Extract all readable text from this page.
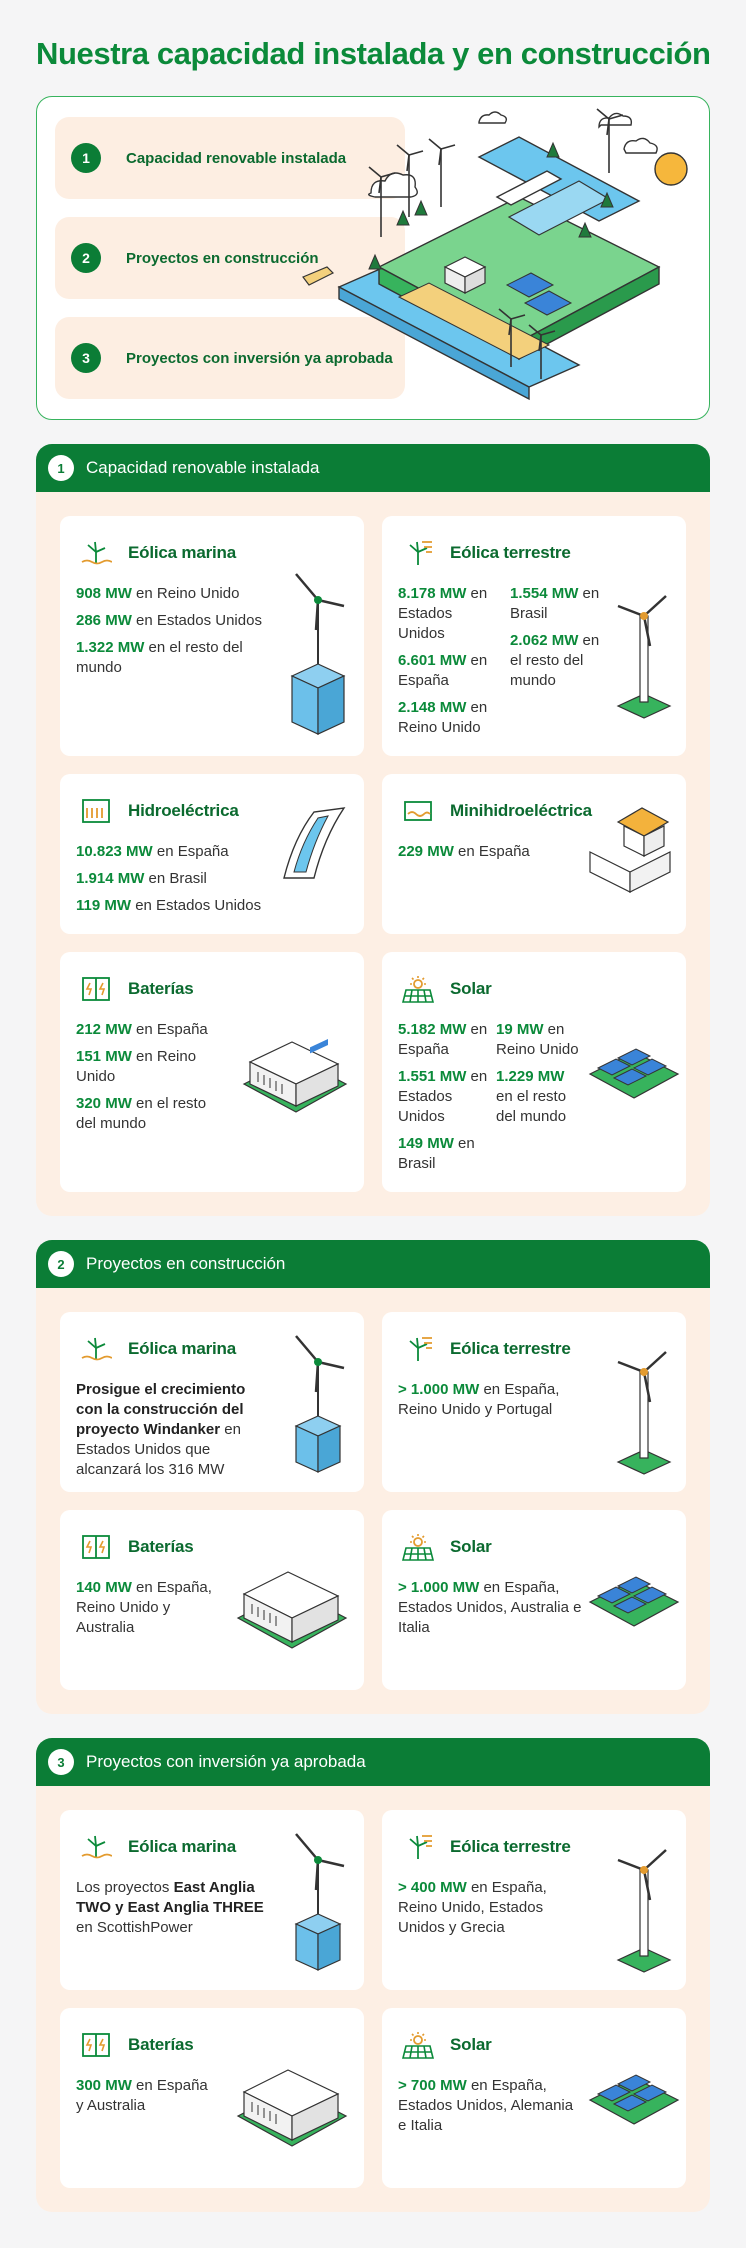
Nuestra capacidad instalada y en construcción
1	Capacidad renovable instalada
2	Proyectos en construcción
3	Proyectos con inversión ya aprobada
1	Capacidad renovable instalada
Eólica marina

908 MW en Reino Unido

286 MW en Estados Unidos

1.322 MW en el resto del mundo

Eólica terrestre

8.178 MW en Estados Unidos

6.601 MW en España

2.148 MW en Reino Unido

1.554 MW en Brasil

2.062 MW en el resto del mundo

Hidroeléctrica

10.823 MW en España

1.914 MW en Brasil

119 MW en Estados Unidos

Minihidroeléctrica

229 MW en España

Baterías

212 MW en España

151 MW en Reino Unido

320 MW en el resto del mundo

Solar

5.182 MW en España

1.551 MW en Estados Unidos

149 MW en Brasil

19 MW en Reino Unido

1.229 MW en el resto del mundo

2	Proyectos en construcción
Eólica marina

Prosigue el crecimiento con la construcción del proyecto Windanker en Estados Unidos que alcanzará los 316 MW

Eólica terrestre

> 1.000 MW en España, Reino Unido y Portugal

Baterías

140 MW en España, Reino Unido y Australia

Solar

> 1.000 MW en España, Estados Unidos, Australia e Italia

3	Proyectos con inversión ya aprobada
Eólica marina

Los proyectos East Anglia TWO y East Anglia THREE en ScottishPower

Eólica terrestre

> 400 MW en España, Reino Unido, Estados Unidos y Grecia

Baterías

300 MW en España y Australia

Solar

> 700 MW en España, Estados Unidos, Alemania e Italia
